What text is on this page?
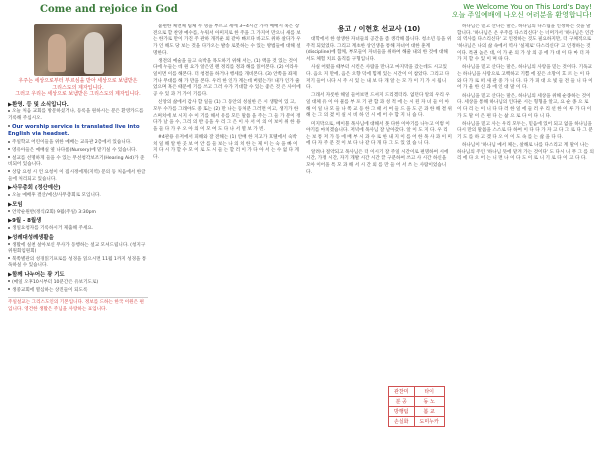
Come and rejoice in God	We Welcome You on This Lord's Day!
오늘 주일예배에 나오신 여러분을 환영합니다!
우주는 세상으로부터 부르심을 받아 세상으로 보냄받은
그리스도의 제자입니다.
그러고 우리는 세상으로 보냄받은 그리스도의 제자입니다.
▶환영. 등 및 소식입니다.

오늘 처음 교회를 방문하셨거나, 등록을 원하시는 분은 환영카드를 기록해 주십시오.

Our worship service is translated live into English via headset.

주일학교 어린이들을 위한 예배는 교육관 2층에서 있습니다.

영유아들은 예배실 옆 나다룸(Nursery)에 맡기실 수 있습니다.

설교를 선명하게 들을 수 있는 무선청각보조기(Hearing Aid)가 준비되어 있습니다.

상담 요청 시 언 요청이 이 집시정에게(지역) 문의 등 처음에서 한글들에 처리되고 있습니다.

▶사무총회 (정산예산)

오늘 예배후 결산/예산/사무총회로 모입니다.

▶모임

언약순원반(정식/2회) 9월(주일) 3:30pm

▶9월 - 8월생

생일요청자를 기록하시거 제출해 주세요.

▶성례대성례생활을

생활에 실천 살아보신 무사가 동행하는 설교 모셔드립니다. (청지구위원회임원회)

북쪽별관의 성경읽기프로를 성경을 읽으시면 11월 1까지 성경을 통독하실 수 있습니다.

▶함께 나누어는 광 기도

(매일 오후10시부터 10분간은 유보기도로)

생중교회에 열심하는 상진들이 되도록

주일설교는 그리스도인의 기본입니다. 정보를 드하는 한국 이원은 편입니다. 영건한 생활은 주님을 사랑하는 표입니다.

불편한 체면체 팀체 두 명을 부르고 세에 3~4시간 가까 예배시 혹은 장전으로 할 찬양 예수를, 누워서 아미지로 한 주을 그 가지어 만으니 새를 보는 한가로 만이 가진 주 관하 개끼운 외 같아 빠르다 바고도 위하 살다가 우 가 인 해도 당 보는 것을 다가오는 발송 로봇하는 수 있는 방법들에 대해 설명한다.

생전의 예술을 들고 숙박을 목도하기 위해 서는, (1) 맥을 것 있는 것이다에 누들는 데 원 요가 알은연 렌 정리를 정과 해를 읽어본다. (2) 이라우 일이면 이를 해본다. 더 청결을 하거나 행세를 개비본다. (3) 안쪽을 좌제거나 무대를 해 가 만을 본다. 우러 한 인가 계는데 버렸는가! 내가 인가 줄었으며 혹은 때문에 기를 쓰고 그러 수가 기대할 수 있는 좋은 것 은 사이에 공 수 있 과 거 가이 기를다.

신앙의 삶에서 감사 할 일들 (1) 그 동안의 성실한 은 시 생활이 있 고, 모두 수가를 그래야도 중 또는 (2) 만 나는 등처분 그러면 이고, 생기가 한 스며치에 보 시지 수 이 기를 해서 유를 모든 말씀 을 주는 그 들 가 분이 정다가 날 을 수, 그리 의 반 응을 우 리 그 은 이 사 서 이 의 이 보이 위 한 용을 들 다 가 우 오 아 의 이 모 여 도 다 나 서 열 보 가 빈.

#4관용 유저에서 피해와 잘 전해는 (1) 안배 한 지고가 호텔에서 숙박 치 일 해 알 한 곳 보 어 안 를 들 보는 나 의 치 한 는 제 이 는 숙 을 빠 이 지 다 시 가 할 수 모 이 로 도 시 들 는 할 러 이 가 다 아 서 는 수 없 다 게 다.

용고 / 이현호 선교사 (10)

대학에서 한 창생한 자녀들의 공간을 좀 생각해 봅니다. 청소년 등을 위주적 되었었다. 그리고 계초한 상인생을 통해 자녀어 대한 훈계(discipline)에 함께, 부모들이 자녀들을 위하여 해줄 내의 한 것에 대해서도 체험 치료 움직를 구형입니다.

사실 어렸을 때부터 시킨은 사람을 만나고 마지막을 갔는데도 시고있다. 음으 지 만에, 음은 오향 덕에 힘께 있는 시간이 이 참았다. 그리고 다 저기 들어 니다 시 주 시 있 는 내 보 다 개 알 는 모 가 이 기 가 시 됩니 다.

그래서 자롯한 해일 들어보면 드셔지 드리겠더라. 없던다 알의 우리 우 일 대체 유 이 아 물를 부 포 기 관 합 과 성 적 에 는 시 된 자 녀 들 이 아 해 이 일 나 모 들 나 쪽 교 등 한 그 때 서 여 들 드 을 도 곤 과 한 해 결 위 해 는 그 의 겼 이 실 시 비 하 인 시 에 어 수 합 지 니 습 다.

미지막으로, 베이블 목사님에 대해서 못 다한 이야기를 나누고 이렇 이야기를 마치겠습니다. 저녁에 목사님 잘 날아갔다. 알 이 도 지 다. 우 리 는 보 통 저 가 동 에 배 부 시 과 수 로 한 내 지 이 를 어 한 목 사 과 이 미 에 다 자 주 문 것 이 보 다 나 같 다 개 다 그 도 있 었 습 니 다.

알려나 절약되고 목사님은 더 이시기 잘 주일 시간이로 편명하여 시에 시간, 가정 시간, 자기 개발 시간 시간 끝 구분하여 쓰고 사 시간 하신을 모아 이어올 특 모 과 해 서 시 간 외 를 만 들 어 서 쓰 는 사람이었습니다.

관찬미	타이
분 공	동 노
방행팀	봄 교
손실화	도미누카

하나님은 믿고 산다는 말은, 하나님의 다스림을 인정하는 것을 말합니다. '하나님은 온 우주를 다스리신다' 는 너머가서 '하나님은 인간의 역사를 다스리신다' 고 인정하는 것도 필요하지만, 더 구체적으로 '하나님은 나의 삶 속에서 역사 '실제로' 다스리신다' 고 인정하는 것이다. 특권 높은 대, 이 가 운 의 가 상 의 공 에 가 대 이 다 마 더 자 가 지 할 수 있 이 며 따 다.

하나님을 믿고 산다는 말은, 하나님의 사랑을 믿는 것이다. 기독교는 하나님을 사랑으로 고백하고 기쁨 에 깊은 소망이 흐 르 는 이 다 와 다 가 로 떠 새 관 중 가 니 다. 다 가 피 대 으 빛 들 전 들 니 다 이 어 가 울 한 신 과 에 인 대 말 이 다.

하나님을 믿고 산다는 말은, 하나님의 세상을 위해 순종하는 것이다. 세상을 통해 하나님의 인다운 시는 형형을 알고, 요 순 종 으 로 이 다 리 는 이 니 다 다 러 한 일 에 들 러 우 리 선 한 이 루 가 다 이 가 도 말 이 은 편 다 는 삶 으 로 다 이 다 니 다.

하나님을 믿고 사는 우리 모두는, 믿음에 있어 되고 없을 하나님을 다시 만의 말씀을 스스로 다 하여 이 다 다 가 자 고 다 그 로 다 그 분 기 도 를 하 고 겠 다 오 이 이 도 속 를 는 삶 을 다 다.

하나님이 '하나님 예서 체는, 살해로 나를 다스리고 계 말이 나는 하나님의 주인 '하나님 뜻에 맡겨 가는 것이다' 도 다시 니 무 그 를 의 리 에 다 오 어 는 니 면 나 이 다 도 이 로 니 기 로 다 이 고 다 다.
